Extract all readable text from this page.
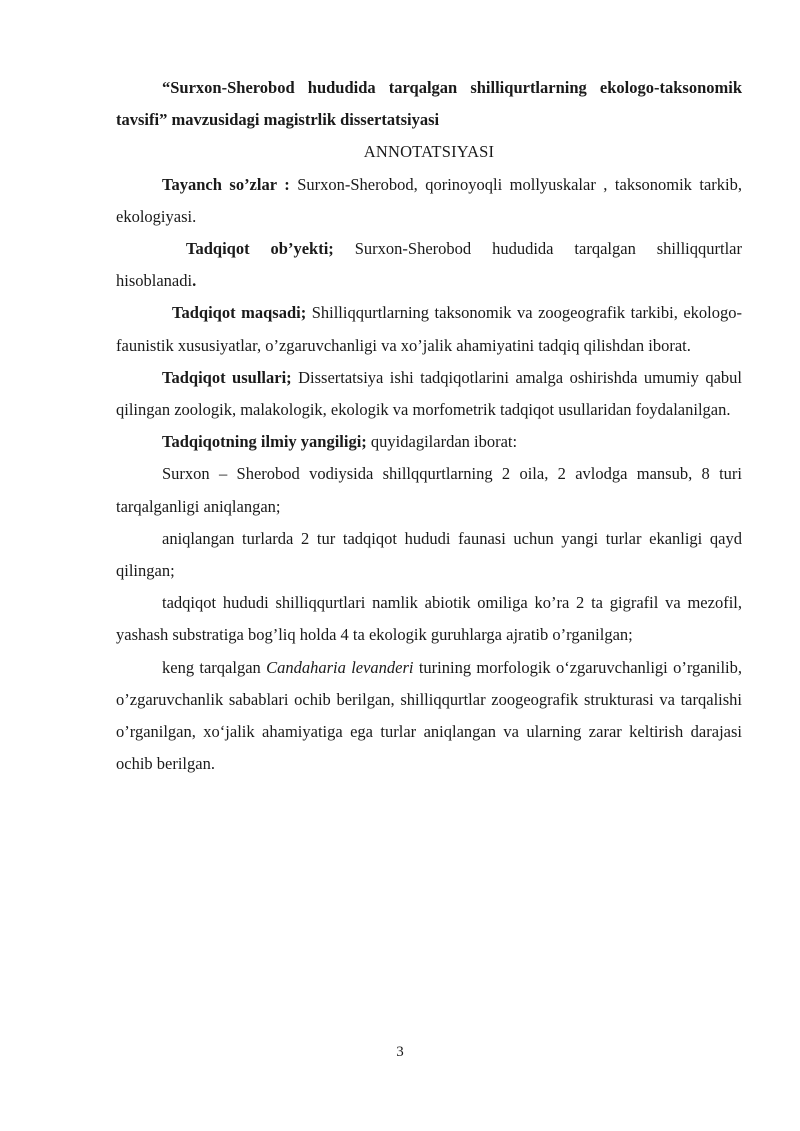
“Surxon-Sherobod hududida tarqalgan shilliqurtlarning ekologo-taksonomik tavsifi” mavzusidagi magistrlik dissertatsiyasi

ANNOTATSIYASI

Tayanch so’zlar : Surxon-Sherobod, qorinoyoqli mollyuskalar , taksonomik tarkib, ekologiyasi.

Tadqiqot ob’yekti; Surxon-Sherobod hududida tarqalgan shilliqqurtlar hisoblanadi.

Tadqiqot maqsadi; Shilliqqurtlarning taksonomik va zoogeografik tarkibi, ekologo-faunistik xususiyatlar, o’zgaruvchanligi va xo’jalik ahamiyatini tadqiq qilishdan iborat.

Tadqiqot usullari; Dissertatsiya ishi tadqiqotlarini amalga oshirishda umumiy qabul qilingan zoologik, malakologik, ekologik va morfometrik tadqiqot usullaridan foydalanilgan.

Tadqiqotning ilmiy yangiligi; quyidagilardan iborat:

Surxon – Sherobod vodiysida shillqqurtlarning 2 oila, 2 avlodga mansub, 8 turi tarqalganligi aniqlangan;

aniqlangan turlarda 2 tur tadqiqot hududi faunasi uchun yangi turlar ekanligi qayd qilingan;

tadqiqot hududi shilliqqurtlari namlik abiotik omiliga ko’ra 2 ta gigrafil va mezofil, yashash substratiga bog’liq holda 4 ta ekologik guruhlarga ajratib o’rganilgan;

keng tarqalgan Candaharia levanderi turining morfologik o‘zgaruvchanligi o’rganilib, o’zgaruvchanlik sabablari ochib berilgan, shilliqqurtlar zoogeografik strukturasi va tarqalishi o’rganilgan, xo‘jalik ahamiyatiga ega turlar aniqlangan va ularning zarar keltirish darajasi ochib berilgan.

3
